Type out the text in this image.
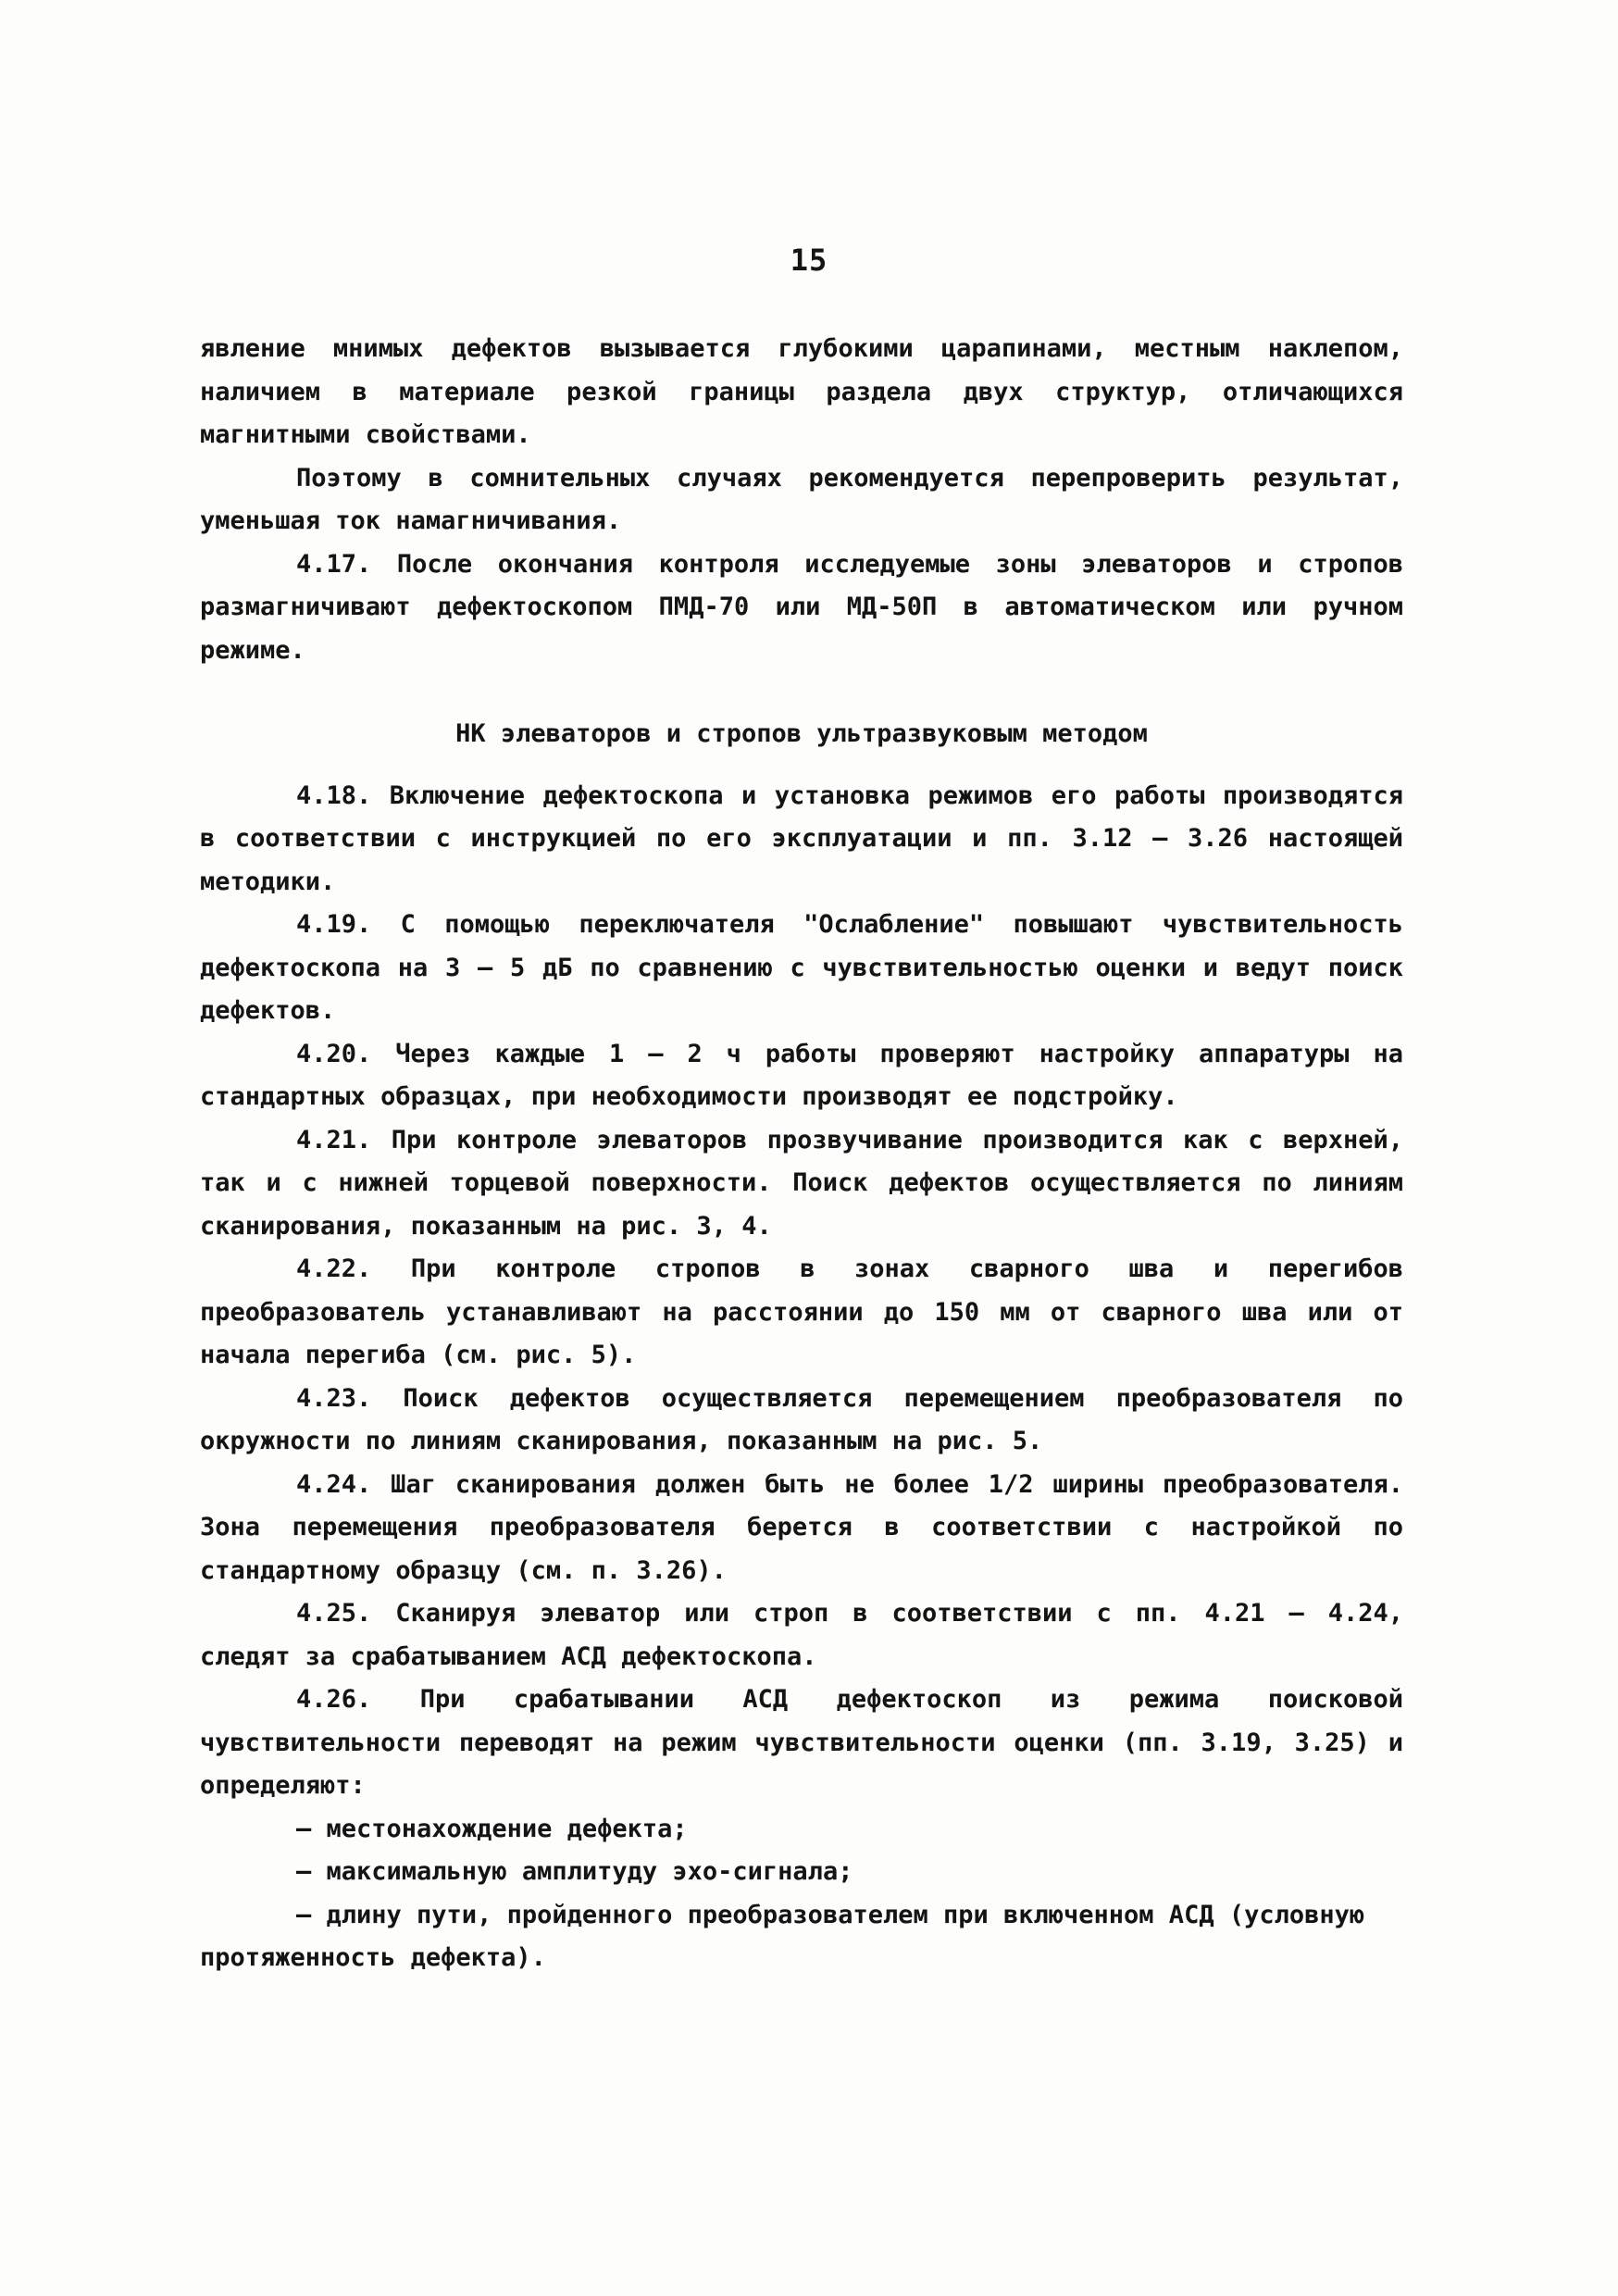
15

явление мнимых дефектов вызывается глубокими царапинами, местным наклепом, наличием в материале резкой границы раздела двух структур, отличающихся магнитными свойствами.

Поэтому в сомнительных случаях рекомендуется перепроверить результат, уменьшая ток намагничивания.

4.17. После окончания контроля исследуемые зоны элеваторов и стропов размагничивают дефектоскопом ПМД-70 или МД-50П в автоматическом или ручном режиме.

НК элеваторов и стропов ультразвуковым методом

4.18. Включение дефектоскопа и установка режимов его работы производятся в соответствии с инструкцией по его эксплуатации и пп. 3.12 – 3.26 настоящей методики.

4.19. С помощью переключателя "Ослабление" повышают чувствительность дефектоскопа на 3 – 5 дБ по сравнению с чувствительностью оценки и ведут поиск дефектов.

4.20. Через каждые 1 – 2 ч работы проверяют настройку аппаратуры на стандартных образцах, при необходимости производят ее подстройку.

4.21. При контроле элеваторов прозвучивание производится как с верхней, так и с нижней торцевой поверхности. Поиск дефектов осуществляется по линиям сканирования, показанным на рис. 3, 4.

4.22. При контроле стропов в зонах сварного шва и перегибов преобразователь устанавливают на расстоянии до 150 мм от сварного шва или от начала перегиба (см. рис. 5).

4.23. Поиск дефектов осуществляется перемещением преобразователя по окружности по линиям сканирования, показанным на рис. 5.

4.24. Шаг сканирования должен быть не более 1/2 ширины преобразователя. Зона перемещения преобразователя берется в соответствии с настройкой по стандартному образцу (см. п. 3.26).

4.25. Сканируя элеватор или строп в соответствии с пп. 4.21 – 4.24, следят за срабатыванием АСД дефектоскопа.

4.26. При срабатывании АСД дефектоскоп из режима поисковой чувствительности переводят на режим чувствительности оценки (пп. 3.19, 3.25) и определяют:

– местонахождение дефекта;

– максимальную амплитуду эхо-сигнала;

– длину пути, пройденного преобразователем при включенном АСД (условную протяженность дефекта).
